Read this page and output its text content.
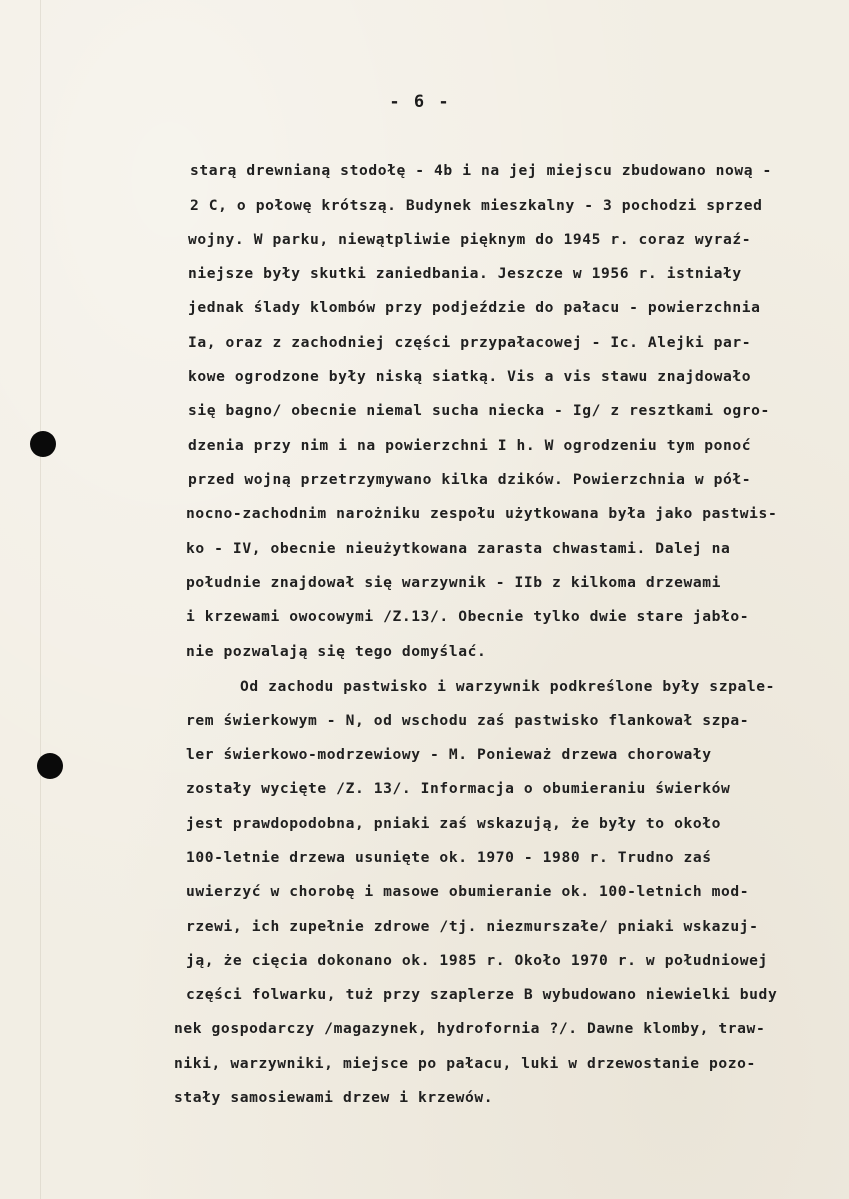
- 6 -
starą drewnianą stodołę - 4b i na jej miejscu zbudowano nową -
2 C, o połowę krótszą. Budynek mieszkalny - 3 pochodzi sprzed
wojny. W parku, niewątpliwie pięknym do 1945 r. coraz wyraź-
niejsze były skutki zaniedbania. Jeszcze w 1956 r. istniały
jednak ślady klombów przy podjeździe do pałacu - powierzchnia
Ia, oraz z zachodniej części przypałacowej - Ic. Alejki par-
kowe ogrodzone były niską siatką. Vis a vis stawu znajdowało
się bagno/ obecnie niemal sucha niecka - Ig/ z resztkami ogro-
dzenia przy nim i na powierzchni I h. W ogrodzeniu tym ponoć
przed wojną przetrzymywano kilka dzików. Powierzchnia w pół-
nocno-zachodnim narożniku zespołu użytkowana była jako pastwis-
ko - IV, obecnie nieużytkowana zarasta chwastami. Dalej na
południe znajdował się warzywnik - IIb z kilkoma drzewami
i krzewami owocowymi /Z.13/. Obecnie tylko dwie stare jabło-
nie pozwalają się tego domyślać.
Od zachodu pastwisko i warzywnik podkreślone były szpale-
rem świerkowym - N, od wschodu zaś pastwisko flankował szpa-
ler świerkowo-modrzewiowy - M. Ponieważ drzewa chorowały
zostały wycięte /Z. 13/. Informacja o obumieraniu świerków
jest prawdopodobna, pniaki zaś wskazują, że były to około
100-letnie drzewa usunięte ok. 1970 - 1980 r. Trudno zaś
uwierzyć w chorobę i masowe obumieranie ok. 100-letnich mod-
rzewi, ich zupełnie zdrowe /tj. niezmurszałe/ pniaki wskazuj-
ją, że cięcia dokonano ok. 1985 r. Około 1970 r. w południowej
części folwarku, tuż przy szaplerze B wybudowano niewielki budy
nek gospodarczy /magazynek, hydrofornia ?/. Dawne klomby, traw-
niki, warzywniki, miejsce po pałacu, luki w drzewostanie pozo-
stały samosiewami drzew i krzewów.
